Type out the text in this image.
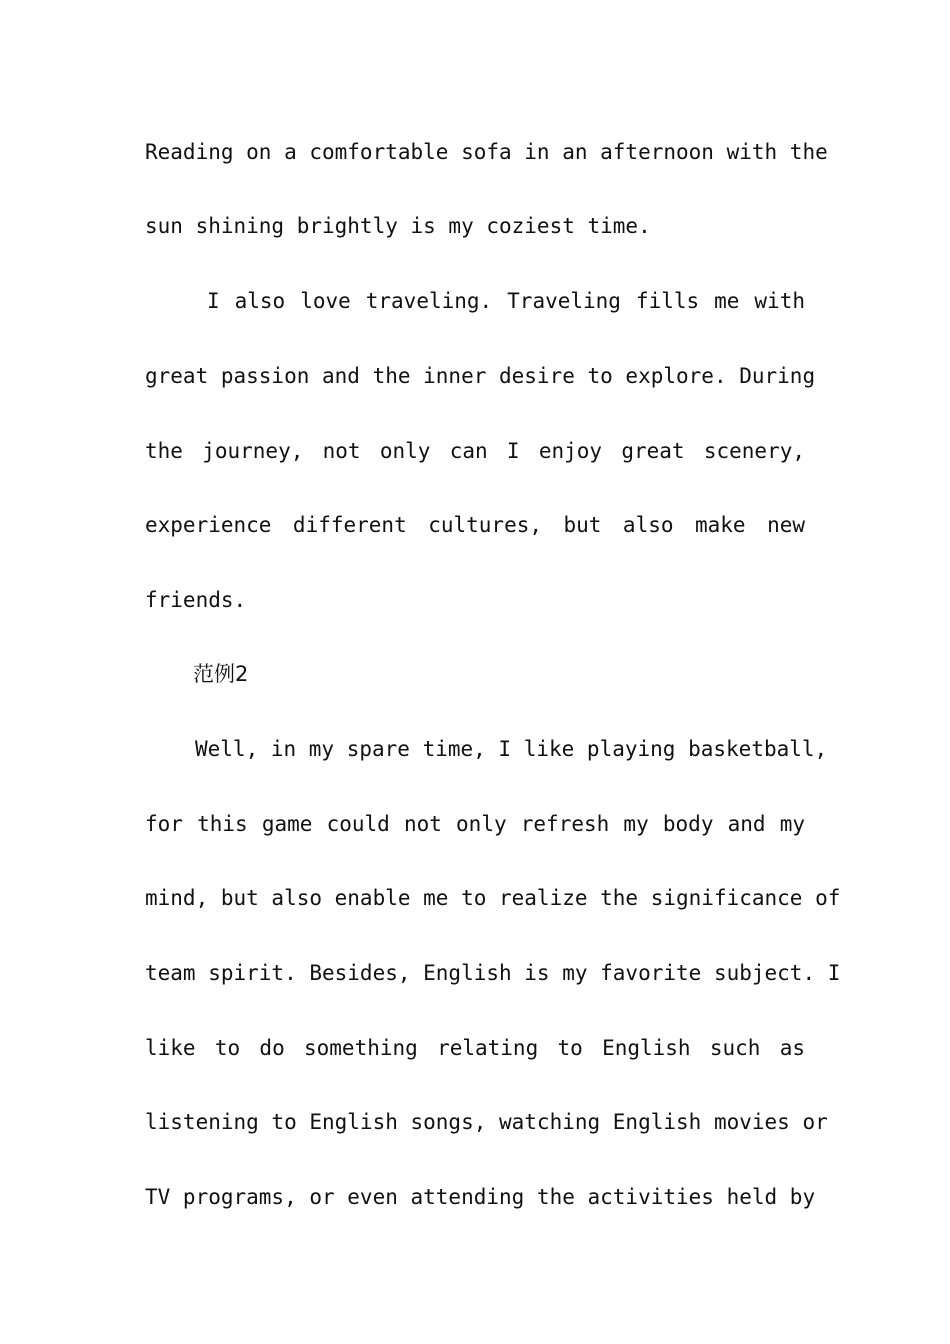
Reading on a comfortable sofa in an afternoon with the
sun shining brightly is my coziest time.
I also love traveling. Traveling fills me with
great passion and the inner desire to explore. During
the journey, not only can I enjoy great scenery,
experience different cultures, but also make new
friends.
范例2
Well, in my spare time, I like playing basketball,
for this game could not only refresh my body and my
mind, but also enable me to realize the significance of
team spirit. Besides, English is my favorite subject. I
like to do something relating to English such as
listening to English songs, watching English movies or
TV programs, or even attending the activities held by
